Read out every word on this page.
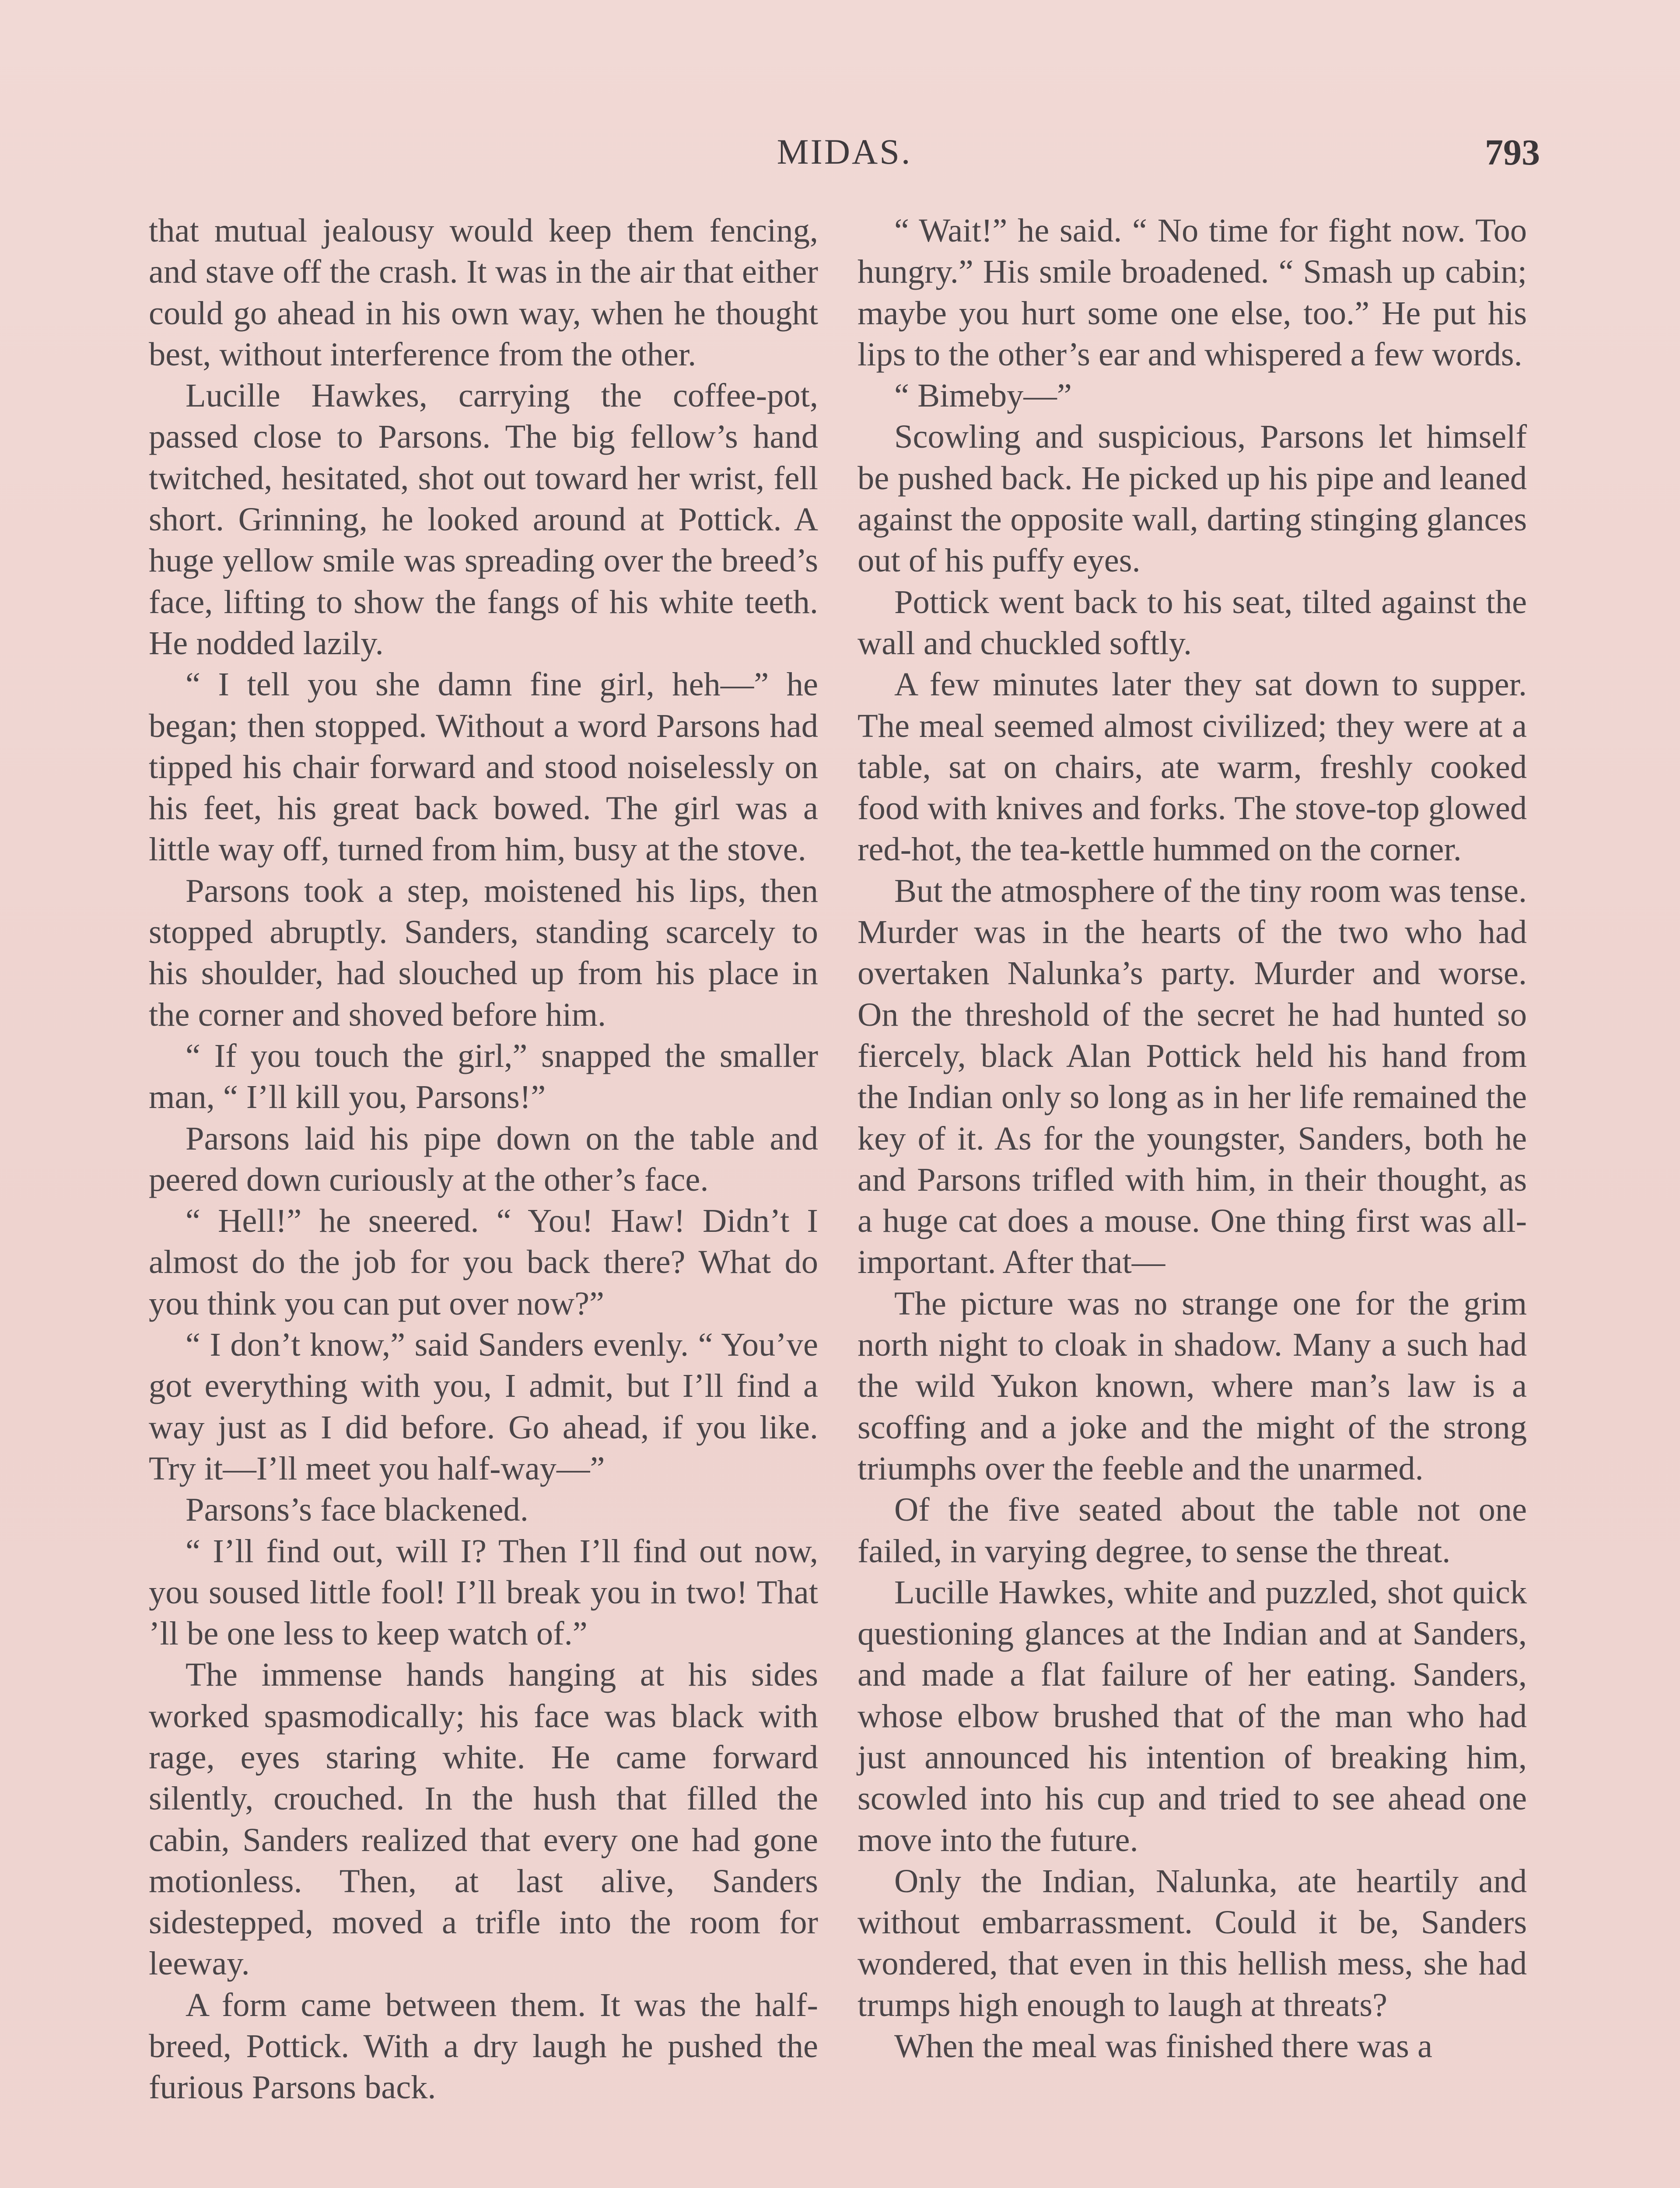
MIDAS.	793

that mutual jealousy would keep them fencing, and stave off the crash. It was in the air that either could go ahead in his own way, when he thought best, without interference from the other.

Lucille Hawkes, carrying the coffee-pot, passed close to Parsons. The big fellow’s hand twitched, hesitated, shot out toward her wrist, fell short. Grinning, he looked around at Pottick. A huge yellow smile was spreading over the breed’s face, lifting to show the fangs of his white teeth. He nodded lazily.

“ I tell you she damn fine girl, heh—” he began; then stopped. Without a word Parsons had tipped his chair forward and stood noiselessly on his feet, his great back bowed. The girl was a little way off, turned from him, busy at the stove.

Parsons took a step, moistened his lips, then stopped abruptly. Sanders, standing scarcely to his shoulder, had slouched up from his place in the corner and shoved before him.

“ If you touch the girl,” snapped the smaller man, “ I’ll kill you, Parsons!”

Parsons laid his pipe down on the table and peered down curiously at the other’s face.

“ Hell!” he sneered. “ You! Haw! Didn’t I almost do the job for you back there? What do you think you can put over now?”

“ I don’t know,” said Sanders evenly. “ You’ve got everything with you, I admit, but I’ll find a way just as I did before. Go ahead, if you like. Try it—I’ll meet you half-way—”

Parsons’s face blackened.

“ I’ll find out, will I? Then I’ll find out now, you soused little fool! I’ll break you in two! That ’ll be one less to keep watch of.”

The immense hands hanging at his sides worked spasmodically; his face was black with rage, eyes staring white. He came forward silently, crouched. In the hush that filled the cabin, Sanders realized that every one had gone motionless. Then, at last alive, Sanders sidestepped, moved a trifle into the room for leeway.

A form came between them. It was the half-breed, Pottick. With a dry laugh he pushed the furious Parsons back.

“ Wait!” he said. “ No time for fight now. Too hungry.” His smile broadened. “ Smash up cabin; maybe you hurt some one else, too.” He put his lips to the other’s ear and whispered a few words.

“ Bimeby—”

Scowling and suspicious, Parsons let himself be pushed back. He picked up his pipe and leaned against the opposite wall, darting stinging glances out of his puffy eyes.

Pottick went back to his seat, tilted against the wall and chuckled softly.

A few minutes later they sat down to supper. The meal seemed almost civilized; they were at a table, sat on chairs, ate warm, freshly cooked food with knives and forks. The stove-top glowed red-hot, the tea-kettle hummed on the corner.

But the atmosphere of the tiny room was tense. Murder was in the hearts of the two who had overtaken Nalunka’s party. Murder and worse. On the threshold of the secret he had hunted so fiercely, black Alan Pottick held his hand from the Indian only so long as in her life remained the key of it. As for the youngster, Sanders, both he and Parsons trifled with him, in their thought, as a huge cat does a mouse. One thing first was all-important. After that—

The picture was no strange one for the grim north night to cloak in shadow. Many a such had the wild Yukon known, where man’s law is a scoffing and a joke and the might of the strong triumphs over the feeble and the unarmed.

Of the five seated about the table not one failed, in varying degree, to sense the threat.

Lucille Hawkes, white and puzzled, shot quick questioning glances at the Indian and at Sanders, and made a flat failure of her eating. Sanders, whose elbow brushed that of the man who had just announced his intention of breaking him, scowled into his cup and tried to see ahead one move into the future.

Only the Indian, Nalunka, ate heartily and without embarrassment. Could it be, Sanders wondered, that even in this hellish mess, she had trumps high enough to laugh at threats?

When the meal was finished there was a
